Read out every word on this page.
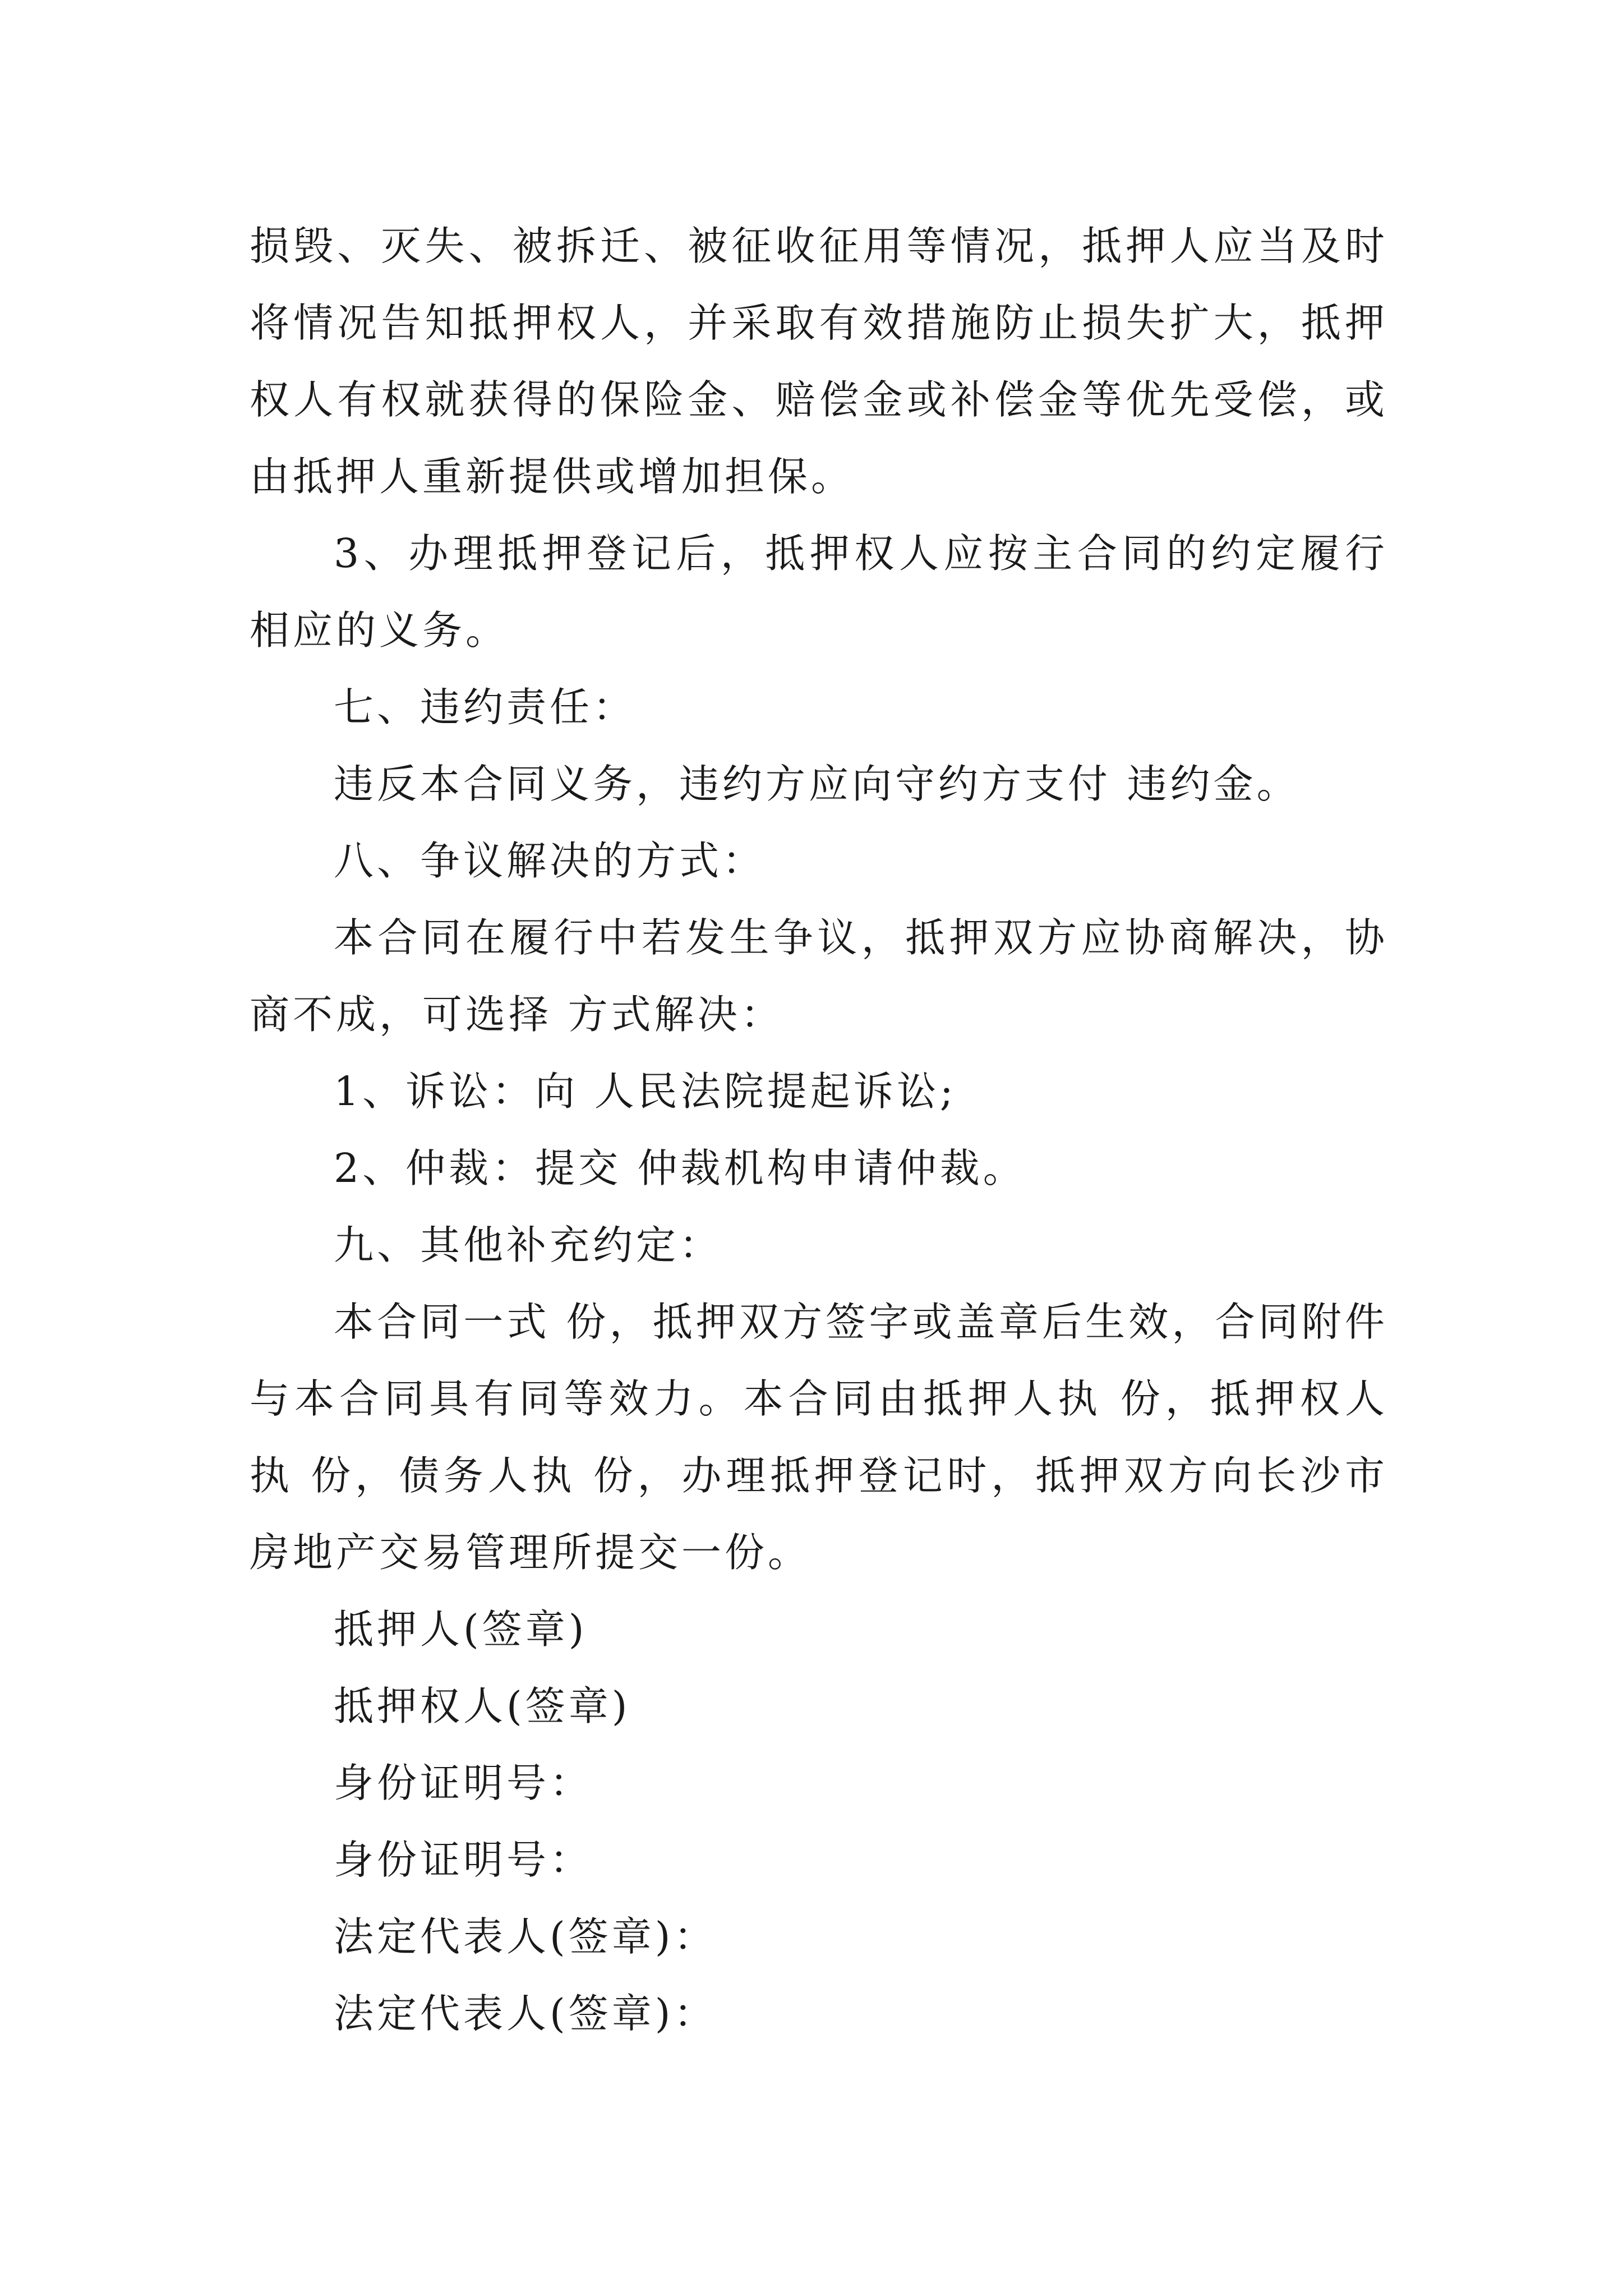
损毁、灭失、被拆迁、被征收征用等情况，抵押人应当及时将情况告知抵押权人，并采取有效措施防止损失扩大，抵押权人有权就获得的保险金、赔偿金或补偿金等优先受偿，或由抵押人重新提供或增加担保。

3、办理抵押登记后，抵押权人应按主合同的约定履行相应的义务。

七、违约责任：

违反本合同义务，违约方应向守约方支付 违约金。

八、争议解决的方式：

本合同在履行中若发生争议，抵押双方应协商解决，协商不成，可选择 方式解决：

1、诉讼：向 人民法院提起诉讼;

2、仲裁：提交 仲裁机构申请仲裁。

九、其他补充约定：

本合同一式 份，抵押双方签字或盖章后生效，合同附件与本合同具有同等效力。本合同由抵押人执 份，抵押权人执 份，债务人执 份，办理抵押登记时，抵押双方向长沙市房地产交易管理所提交一份。

抵押人(签章)

抵押权人(签章)

身份证明号：

身份证明号：

法定代表人(签章)：

法定代表人(签章)：
